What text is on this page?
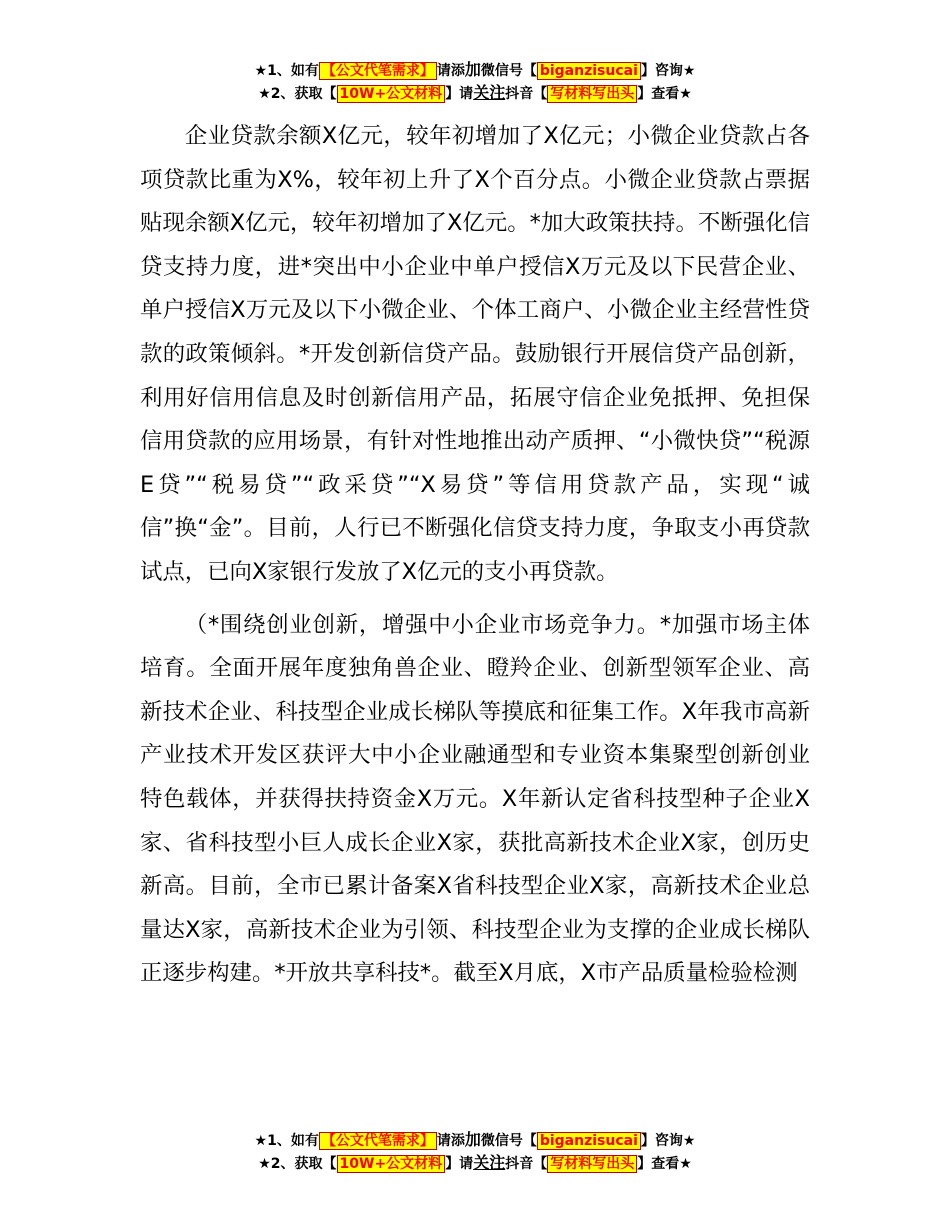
★1、如有 【公文代笔需求】 请添加微信号【 biganzisucai 】咨询★
★2、获取【 10W+公文材料 】请关注抖音【 写材料写出头 】查看★

企业贷款余额X亿元，较年初增加了X亿元；小微企业贷款占各项贷款比重为X%，较年初上升了X个百分点。小微企业贷款占票据贴现余额X亿元，较年初增加了X亿元。*加大政策扶持。不断强化信贷支持力度，进*突出中小企业中单户授信X万元及以下民营企业、单户授信X万元及以下小微企业、个体工商户、小微企业主经营性贷款的政策倾斜。*开发创新信贷产品。鼓励银行开展信贷产品创新，利用好信用信息及时创新信用产品，拓展守信企业免抵押、免担保信用贷款的应用场景，有针对性地推出动产质押、“小微快贷”“税源E贷”“税易贷”“政采贷”“X易贷”等信用贷款产品，实现“诚信”换“金”。目前，人行已不断强化信贷支持力度，争取支小再贷款试点，已向X家银行发放了X亿元的支小再贷款。

（*围绕创业创新，增强中小企业市场竞争力。*加强市场主体培育。全面开展年度独角兽企业、瞪羚企业、创新型领军企业、高新技术企业、科技型企业成长梯队等摸底和征集工作。X年我市高新产业技术开发区获评大中小企业融通型和专业资本集聚型创新创业特色载体，并获得扶持资金X万元。X年新认定省科技型种子企业X家、省科技型小巨人成长企业X家，获批高新技术企业X家，创历史新高。目前，全市已累计备案X省科技型企业X家，高新技术企业总量达X家，高新技术企业为引领、科技型企业为支撑的企业成长梯队正逐步构建。*开放共享科技*。截至X月底，X市产品质量检验检测

★1、如有 【公文代笔需求】 请添加微信号【 biganzisucai 】咨询★
★2、获取【 10W+公文材料 】请关注抖音【 写材料写出头 】查看★
